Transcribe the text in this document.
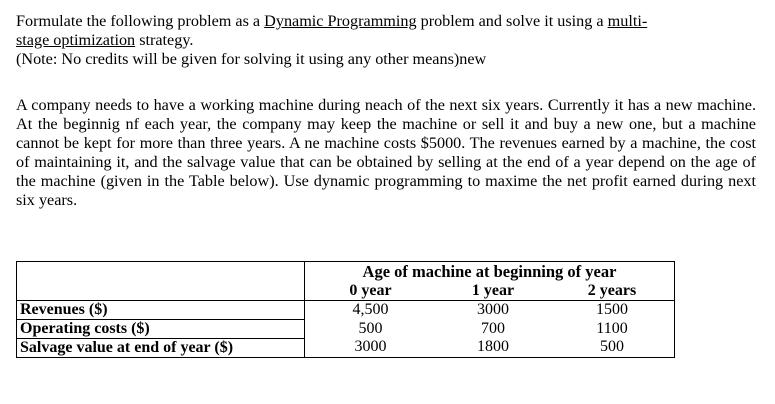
Formulate the following problem as a Dynamic Programming problem and solve it using a multi-
stage optimization strategy.
(Note: No credits will be given for solving it using any other means)new

A company needs to have a working machine during neach of the next six years. Currently it has a new machine. At the beginnig nf each year, the company may keep the machine or sell it and buy a new one, but a machine cannot be kept for more than three years. A ne machine costs $5000. The revenues earned by a machine, the cost of maintaining it, and the salvage value that can be obtained by selling at the end of a year depend on the age of the machine (given in the Table below). Use dynamic programming to maxime the net profit earned during next six years.

	Age of machine at beginning of year		
	0 year	1 year	2 years
Revenues ($)	4,500	3000	1500
Operating costs ($)	500	700	1100
Salvage value at end of year ($)	3000	1800	500
